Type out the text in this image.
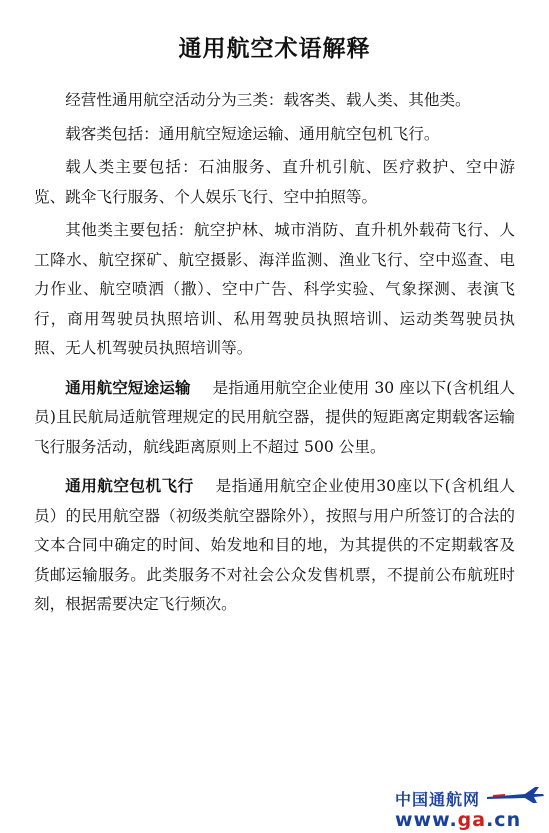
通用航空术语解释

经营性通用航空活动分为三类：载客类、载人类、其他类。

载客类包括：通用航空短途运输、通用航空包机飞行。

载人类主要包括：石油服务、直升机引航、医疗救护、空中游览、跳伞飞行服务、个人娱乐飞行、空中拍照等。

其他类主要包括：航空护林、城市消防、直升机外载荷飞行、人工降水、航空探矿、航空摄影、海洋监测、渔业飞行、空中巡查、电力作业、航空喷洒（撒）、空中广告、科学实验、气象探测、表演飞行，商用驾驶员执照培训、私用驾驶员执照培训、运动类驾驶员执照、无人机驾驶员执照培训等。

通用航空短途运输 是指通用航空企业使用 30 座以下(含机组人员)且民航局适航管理规定的民用航空器，提供的短距离定期载客运输飞行服务活动，航线距离原则上不超过 500 公里。

通用航空包机飞行 是指通用航空企业使用30座以下(含机组人员）的民用航空器（初级类航空器除外），按照与用户所签订的合法的文本合同中确定的时间、始发地和目的地，为其提供的不定期载客及货邮运输服务。此类服务不对社会公众发售机票，不提前公布航班时刻，根据需要决定飞行频次。

中国通航网
www.ga.cn
